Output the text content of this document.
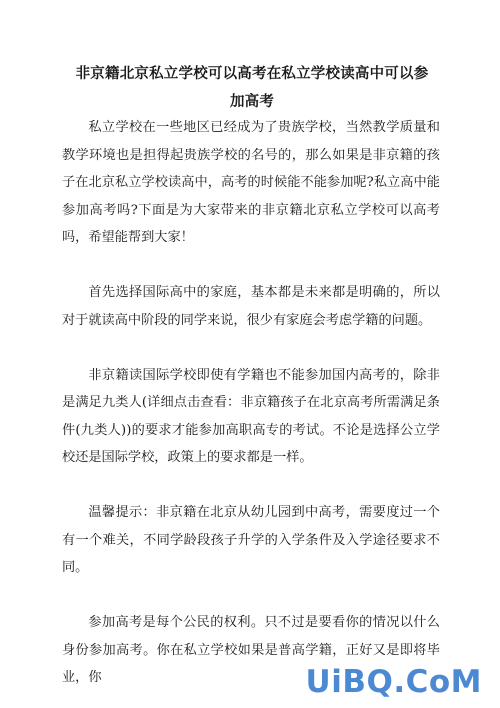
非京籍北京私立学校可以高考在私立学校读高中可以参加高考

私立学校在一些地区已经成为了贵族学校，当然教学质量和教学环境也是担得起贵族学校的名号的，那么如果是非京籍的孩子在北京私立学校读高中，高考的时候能不能参加呢?私立高中能参加高考吗?下面是为大家带来的非京籍北京私立学校可以高考吗，希望能帮到大家！

首先选择国际高中的家庭，基本都是未来都是明确的，所以对于就读高中阶段的同学来说，很少有家庭会考虑学籍的问题。

非京籍读国际学校即使有学籍也不能参加国内高考的，除非是满足九类人(详细点击查看：非京籍孩子在北京高考所需满足条件(九类人))的要求才能参加高职高专的考试。不论是选择公立学校还是国际学校，政策上的要求都是一样。

温馨提示：非京籍在北京从幼儿园到中高考，需要度过一个有一个难关，不同学龄段孩子升学的入学条件及入学途径要求不同。

参加高考是每个公民的权利。只不过是要看你的情况以什么身份参加高考。你在私立学校如果是普高学籍，正好又是即将毕业，你	UiBQ.CoM
